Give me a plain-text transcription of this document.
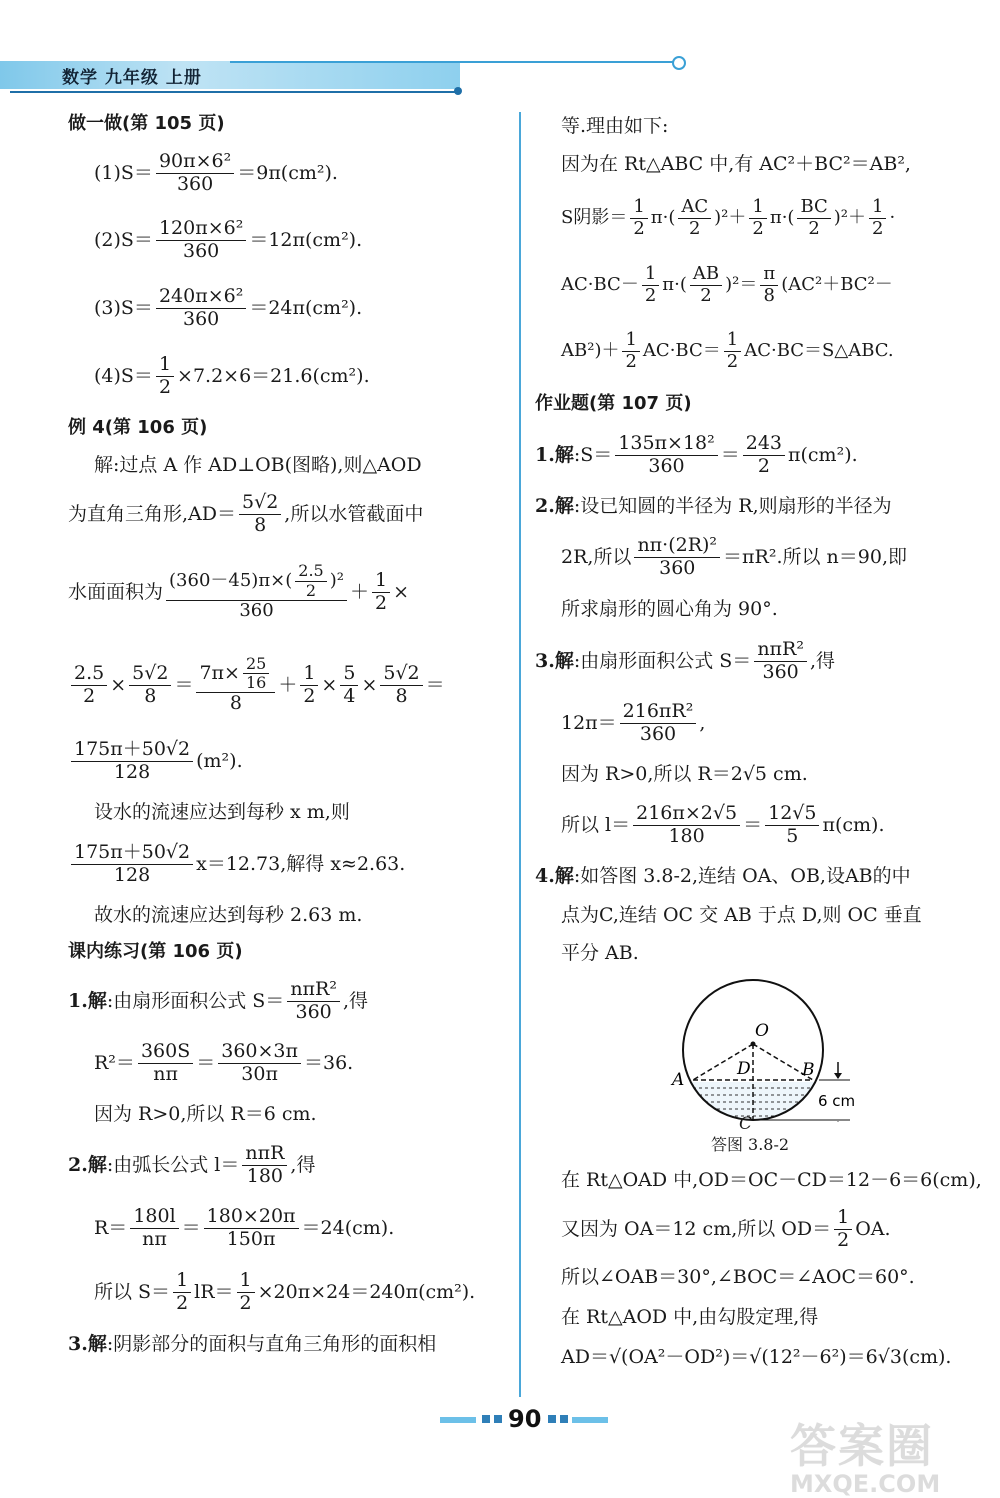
数学 九年级 上册
做一做(第 105 页)
$(1)S= \frac{\text{90π×6²}}{360} =9\pi(cm^2)$.
$(2)S= \frac{\text{120π×6²}}{360} =12\pi(cm^2)$.
$(3)S= \frac{\text{240π×6²}}{360} =24\pi(cm^2)$.
$(4)S= \frac{1}{2} \times 7.2\times 6=21.6(cm^2)$.
例 4(第 106 页)
解:过点 A 作 AD⊥OB(图略),则△AOD
为直角三角形$,AD= \frac{5√2}{8}$ ,所以水管截面中
水面面积为 $\frac{(360-45)\pi\times ( \frac{2.5}{2} ) ^2}{360} + \frac{1}{2}$ ×
$\frac{2.5}{2} \times \frac{5√2}{8} = \frac{7\pi\times \frac{25}{16}}{8} + \frac{1}{2} \times \frac{5}{4} \times \frac{5√2}{8}$ ＝
$\frac{175\pi+50√2}{128} (m^2)$.
设水的流速应达到每秒 x m,则
$\frac{175\pi+50√2}{128} x=12.73$,解得 x≈2.63.
故水的流速应达到每秒 2.63 m.
课内练习(第 106 页)
1.解 :由扇形面积公式 $S= \frac{\text{nπR²}}{360}$ ,得
$R^2= \frac{360S}{n\pi} = \frac{360\times 3\pi}{30\pi} =36$.
因为 R>0,所以 R＝6 cm.
2.解 :由弧长公式 $l= \frac{\text{nπR}}{180}$ ,得
$R= \frac{180l}{n\pi} = \frac{180\times 20\pi}{150\pi} =24(cm)$.
所以 $S= \frac{1}{2} lR= \frac{1}{2} \times 20\pi\times 24=240\pi(cm^2)$.
3.解 :阴影部分的面积与直角三角形的面积相
等.理由如下:
因为在 Rt△ABC 中,有 AC²＋BC²＝AB²,
S阴影＝ $\frac{1}{2} \pi\cdot( \frac{AC}{2} )^2+ \frac{1}{2} \pi\cdot( \frac{BC}{2} )^2+ \frac{1}{2}$ ·
$AC\cdot BC- \frac{1}{2} \pi\cdot( \frac{AB}{2} )^2= \frac{\pi}{8} (AC^2+BC^2-$
$AB^2)+ \frac{1}{2} AC\cdot BC= \frac{1}{2}$ AC·BC＝S△ABC.
作业题(第 107 页)
1.解 :S＝ $\frac{\text{135π×18²}}{360} = \frac{243}{2} \pi(cm^2)$.
2.解 :设已知圆的半径为 R,则扇形的半径为
2R,所以 $\frac{\text{nπ·(2R)²}}{360} =\pi R^2$.所以 n＝90,即
所求扇形的圆心角为 90°.
3.解 :由扇形面积公式 $S= \frac{\text{nπR²}}{360}$ ,得
$12\pi= \frac{\text{216πR²}}{360}$ ,
因为 R>0,所以 R＝2√5 cm.
所以 $l= \frac{216\pi\times 2√5}{180} = \frac{12√5}{5} \pi(cm)$.
4.解 :如答图 3.8-2,连结 OA、OB,设AB的中
点为C,连结 OC 交 AB 于点 D,则 OC 垂直
平分 AB.
O
A	B
D
6 cm
C
答图 3.8-2
在 Rt△OAD 中,OD＝OC－CD＝12－6＝6(cm),
又因为 OA＝12 cm,所以 $OD= \frac{1}{2}$ OA.
所以∠OAB＝30°,∠BOC＝∠AOC＝60°.
在 Rt△AOD 中,由勾股定理,得
AD＝√(OA²－OD²)＝√(12²－6²)＝6√3(cm).
90	答案圈
MXQE.COM
